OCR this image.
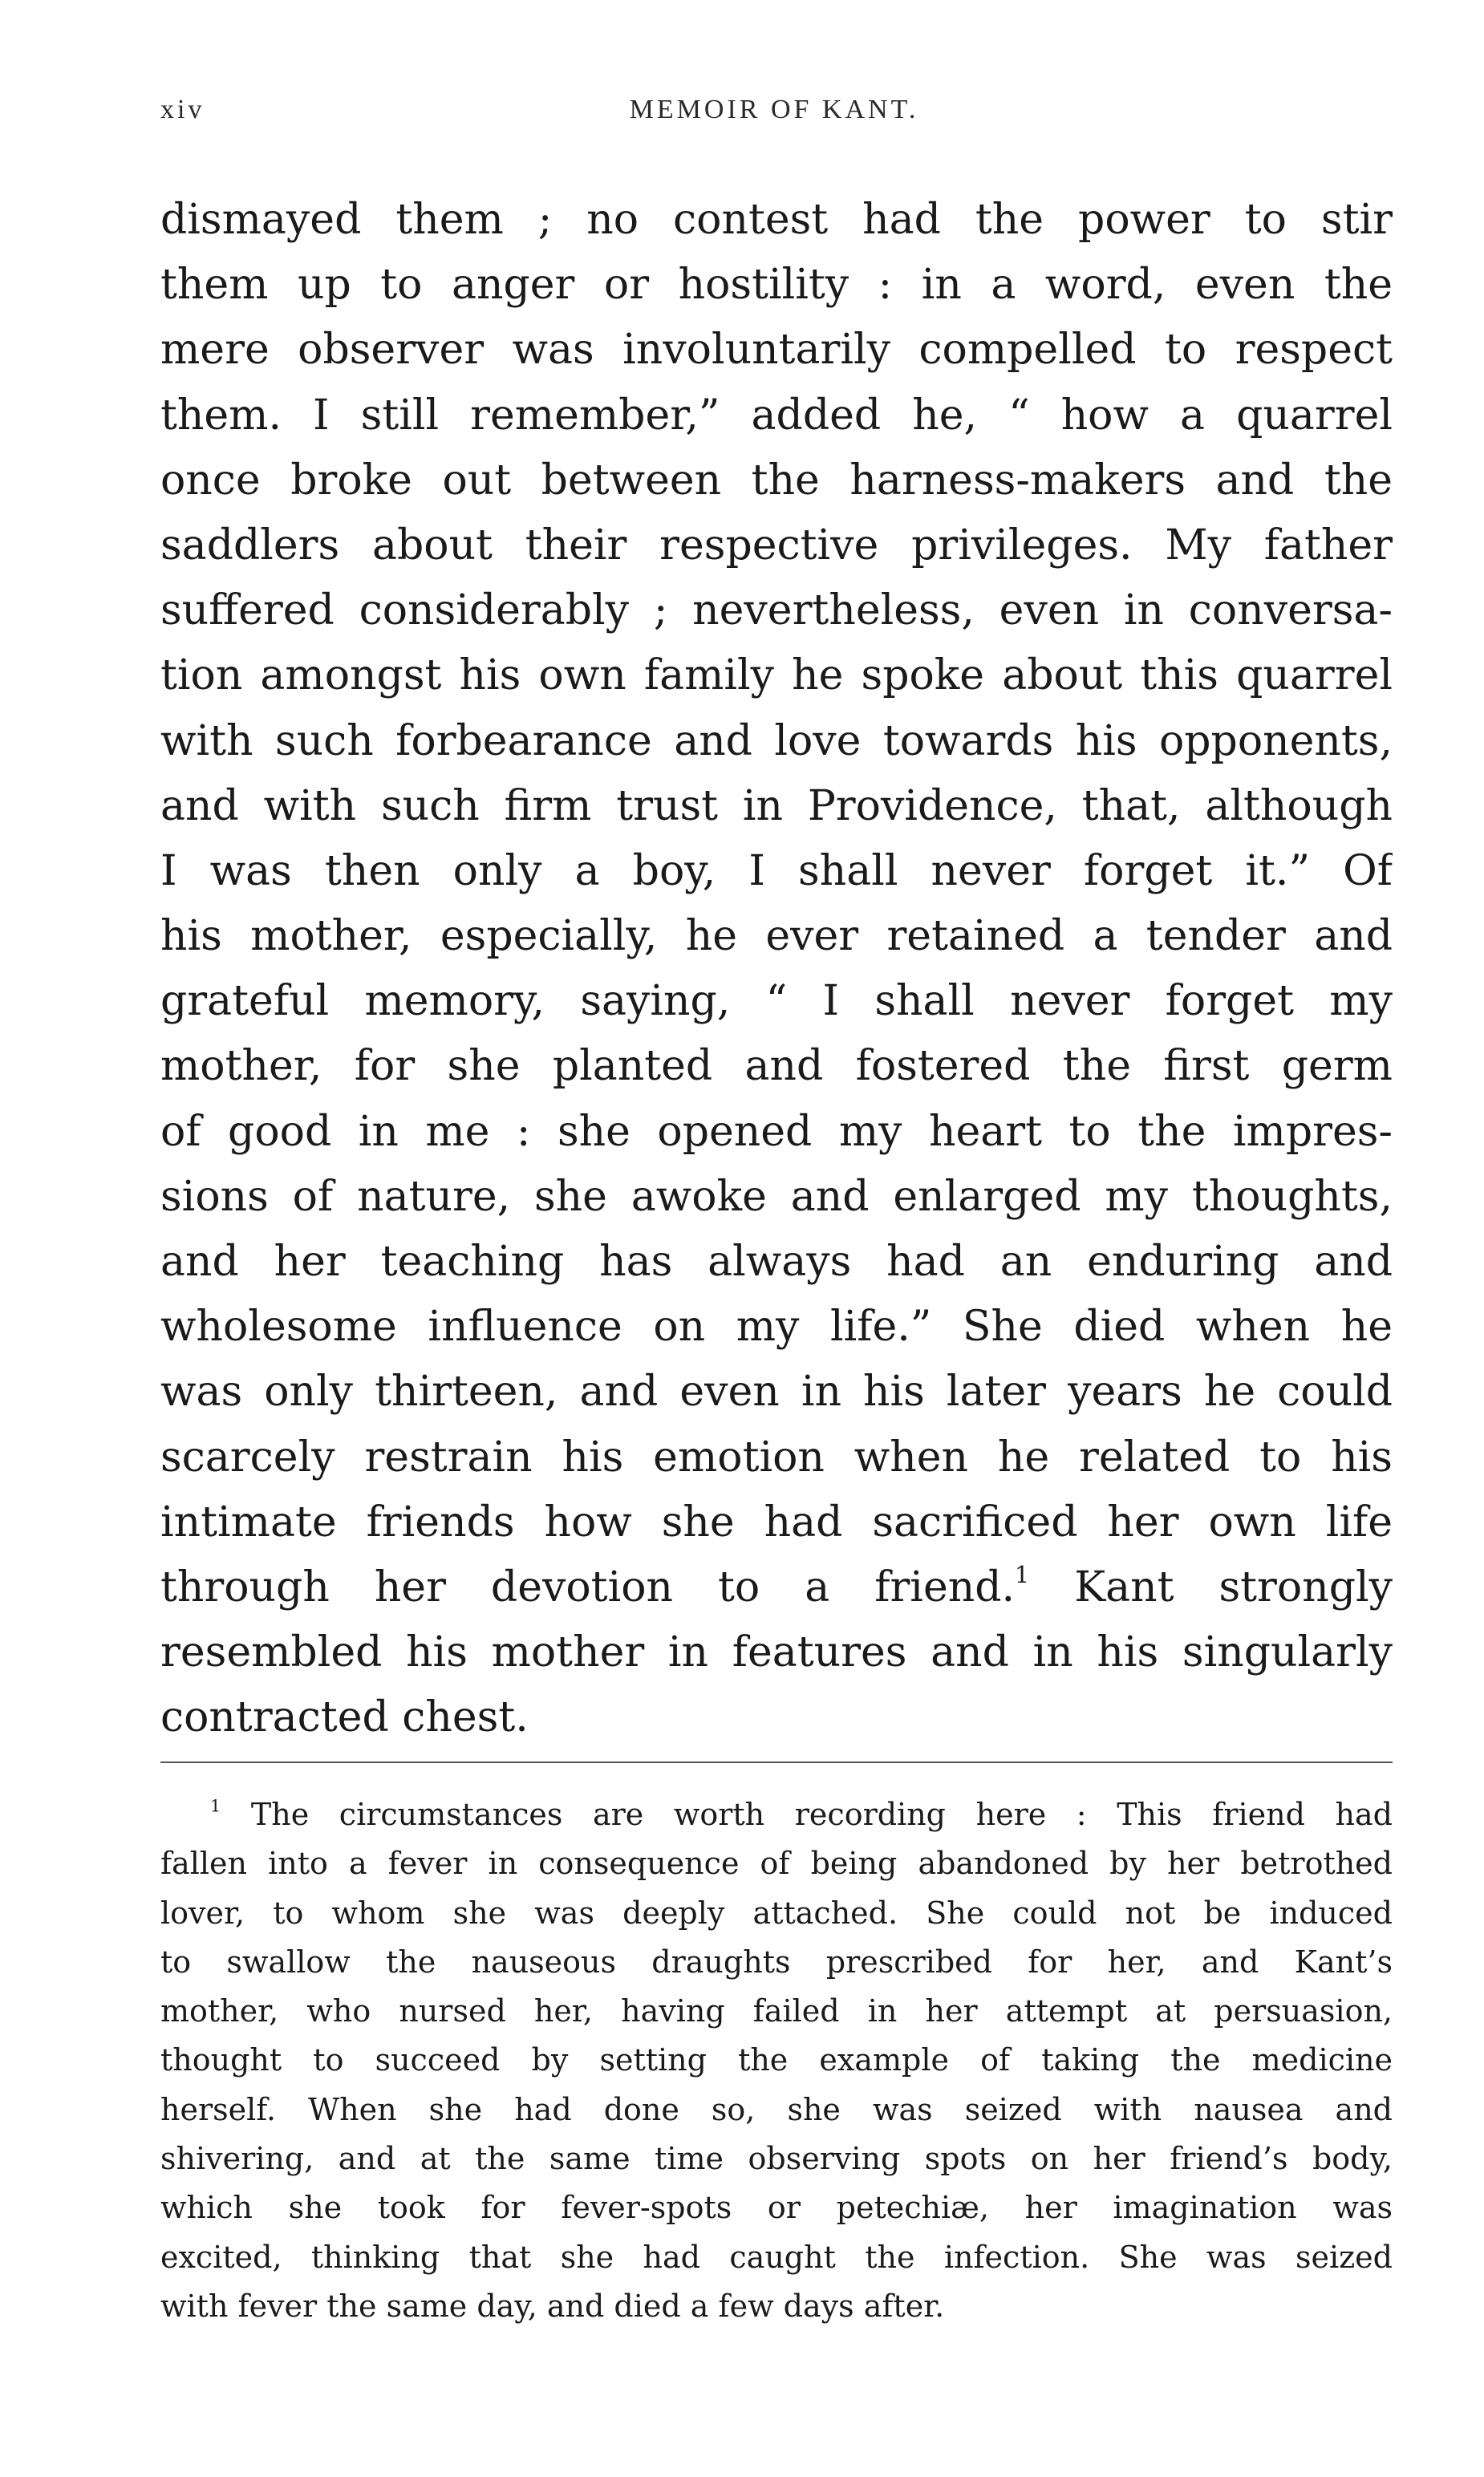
xiv	MEMOIR OF KANT.
dismayed them ; no contest had the power to stir
them up to anger or hostility : in a word, even the
mere observer was involuntarily compelled to respect
them. I still remember,” added he, “ how a quarrel
once broke out between the harness-makers and the
saddlers about their respective privileges. My father
suffered considerably ; nevertheless, even in conversa-
tion amongst his own family he spoke about this quarrel
with such forbearance and love towards his opponents,
and with such firm trust in Providence, that, although
I was then only a boy, I shall never forget it.” Of
his mother, especially, he ever retained a tender and
grateful memory, saying, “ I shall never forget my
mother, for she planted and fostered the first germ
of good in me : she opened my heart to the impres-
sions of nature, she awoke and enlarged my thoughts,
and her teaching has always had an enduring and
wholesome influence on my life.” She died when he
was only thirteen, and even in his later years he could
scarcely restrain his emotion when he related to his
intimate friends how she had sacrificed her own life
through her devotion to a friend.$^1$ Kant strongly
resembled his mother in features and in his singularly
contracted chest.
$^1$ The circumstances are worth recording here : This friend had
fallen into a fever in consequence of being abandoned by her betrothed
lover, to whom she was deeply attached. She could not be induced
to swallow the nauseous draughts prescribed for her, and Kant’s
mother, who nursed her, having failed in her attempt at persuasion,
thought to succeed by setting the example of taking the medicine
herself. When she had done so, she was seized with nausea and
shivering, and at the same time observing spots on her friend’s body,
which she took for fever-spots or petechiæ, her imagination was
excited, thinking that she had caught the infection. She was seized
with fever the same day, and died a few days after.
